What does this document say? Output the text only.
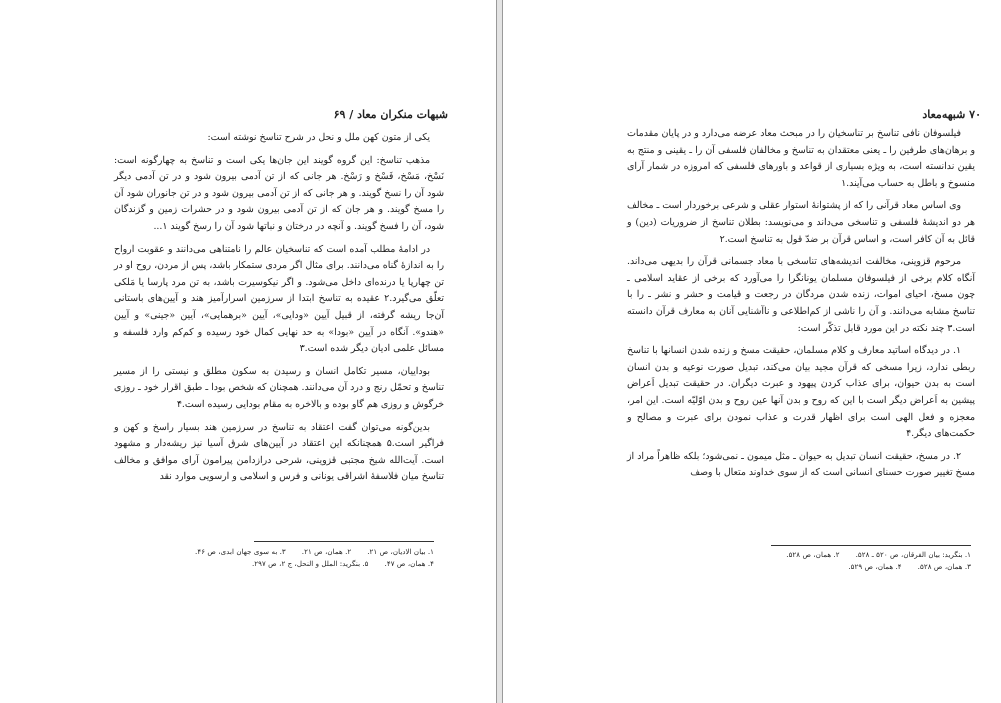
شبهات منکران معاد / ۶۹

یکی از متون کهن ملل و نحل در شرح تناسخ نوشته است:

مذهب تناسخ: این گروه گویند این جان‌ها یکی است و تناسخ به چهارگونه است: نَسْخ، مَسْخ، فَسْخ و رَسْخ. هر جانی که از تن آدمی بیرون شود و در تن آدمی دیگر شود آن را نسخ گویند. و هر جانی که از تن آدمی بیرون شود و در تن جانوران شود آن را مسخ گویند. و هر جان که از تن آدمی بیرون شود و در حشرات زمین و گزندگان شود، آن را فسخ گویند. و آنچه در درختان و نباتها شود آن را رسخ گویند ۱...

در ادامهٔ مطلب آمده است که تناسخیان عالم را نامتناهی می‌دانند و عقوبت ارواح را به اندازهٔ گناه می‌دانند. برای مثال اگر مردی ستمکار باشد، پس از مردن، روح او در تن چهارپا یا درنده‌ای داخل می‌شود. و اگر نیکوسیرت باشد، به تن مرد پارسا یا مَلکی تعلّق می‌گیرد.۲ عقیده به تناسخ ابتدا از سرزمین اسرارآمیز هند و آیین‌های باستانی آن‌جا ریشه گرفته، از قبیل آیین «ودایی»، آیین «برهمایی»، آیین «جینی» و آیین «هندو». آنگاه در آیین «بودا» به حد نهایی کمال خود رسیده و کم‌کم وارد فلسفه و مسائل علمی ادیان دیگر شده است.۳

بوداییان، مسیر تکامل انسان و رسیدن به سکون مطلق و نیستی را از مسیر تناسخ و تحمّل رنج و درد آن می‌دانند. همچنان که شخص بودا ـ طبق اقرار خود ـ روزی خرگوش و روزی هم گاو بوده و بالاخره به مقام بودایی رسیده است.۴

بدین‌گونه می‌توان گفت اعتقاد به تناسخ در سرزمین هند بسیار راسخ و کهن و فراگیر است.۵ همچنانکه این اعتقاد در آیین‌های شرق آسیا نیز ریشه‌دار و مشهود است. آیت‌الله شیخ مجتبی قزوینی، شرحی درازدامن پیرامون آرای موافق و مخالف تناسخ میان فلاسفهٔ اشراقی یونانی و فرس و اسلامی و ارسویی موارد نقد

۱. بیان الادیان، ص ۲۱.
۲. همان، ص ۲۱.
۳. به سوی جهان ابدی، ص ۴۶.
۴. همان، ص ۴۷.
۵. بنگرید: الملل و النحل، ج ۲، ص ۲۹۷.
۷۰ شبهه‌معاد

فیلسوفان نافی تناسخ بر تناسخیان را در مبحث معاد عرضه می‌دارد و در پایان مقدمات و برهان‌های طرفین را ـ یعنی معتقدان به تناسخ و مخالفان فلسفی آن را ـ یقینی و منتج به یقین ندانسته است، به ویژه بسیاری از قواعد و باورهای فلسفی که امروزه در شمار آرای منسوخ و باطل به حساب می‌آیند.۱

وی اساس معاد قرآنی را که از پشتوانهٔ استوار عقلی و شرعی برخوردار است ـ مخالف هر دو اندیشهٔ فلسفی و تناسخی می‌داند و می‌نویسد: بطلان تناسخ از ضروریات (دین) و قائل به آن کافر است، و اساس قرآن بر ضدّ قول به تناسخ است.۲

مرحوم قزوینی، مخالفت اندیشه‌های تناسخی با معاد جسمانی قرآن را بدیهی می‌داند. آنگاه کلام برخی از فیلسوفان مسلمان یونانگرا را می‌آورد که برخی از عقاید اسلامی ـ چون مسخ، احیای اموات، زنده شدن مردگان در رجعت و قیامت و حشر و نشر ـ را با تناسخ مشابه می‌دانند. و آن را ناشی از کم‌اطلاعی و ناآشنایی آنان به معارف قرآن دانسته است.۳ چند نکته در این مورد قابل تذکّر است:

۱. در دیدگاه اساتید معارف و کلام مسلمان، حقیقت مسخ و زنده شدن انسانها با تناسخ ربطی ندارد، زیرا مسخی که قرآن مجید بیان می‌کند، تبدیل صورت نوعیه و بدن انسان است به بدن حیوان، برای عذاب کردن پیهود و عبرت دیگران. در حقیقت تبدیل اَعراض پیشین به اَعراض دیگر است با این که روح و بدن آنها عین روح و بدن اوّلیّه است. این امر، معجزه و فعل الهی است برای اظهار قدرت و عذاب نمودن برای عبرت و مصالح و حکمت‌های دیگر.۴

۲. در مسخ، حقیقت انسان تبدیل به حیوان ـ مثل میمون ـ نمی‌شود؛ بلکه ظاهراً مراد از مسخ تغییر صورت حسنای انسانی است که از سوی خداوند متعال با وصف

۱. بنگرید: بیان الفرقان، ص ۵۲۰ ـ ۵۲۸.
۲. همان، ص ۵۲۸.
۳. همان، ص ۵۲۸.
۴. همان، ص ۵۲۹.
